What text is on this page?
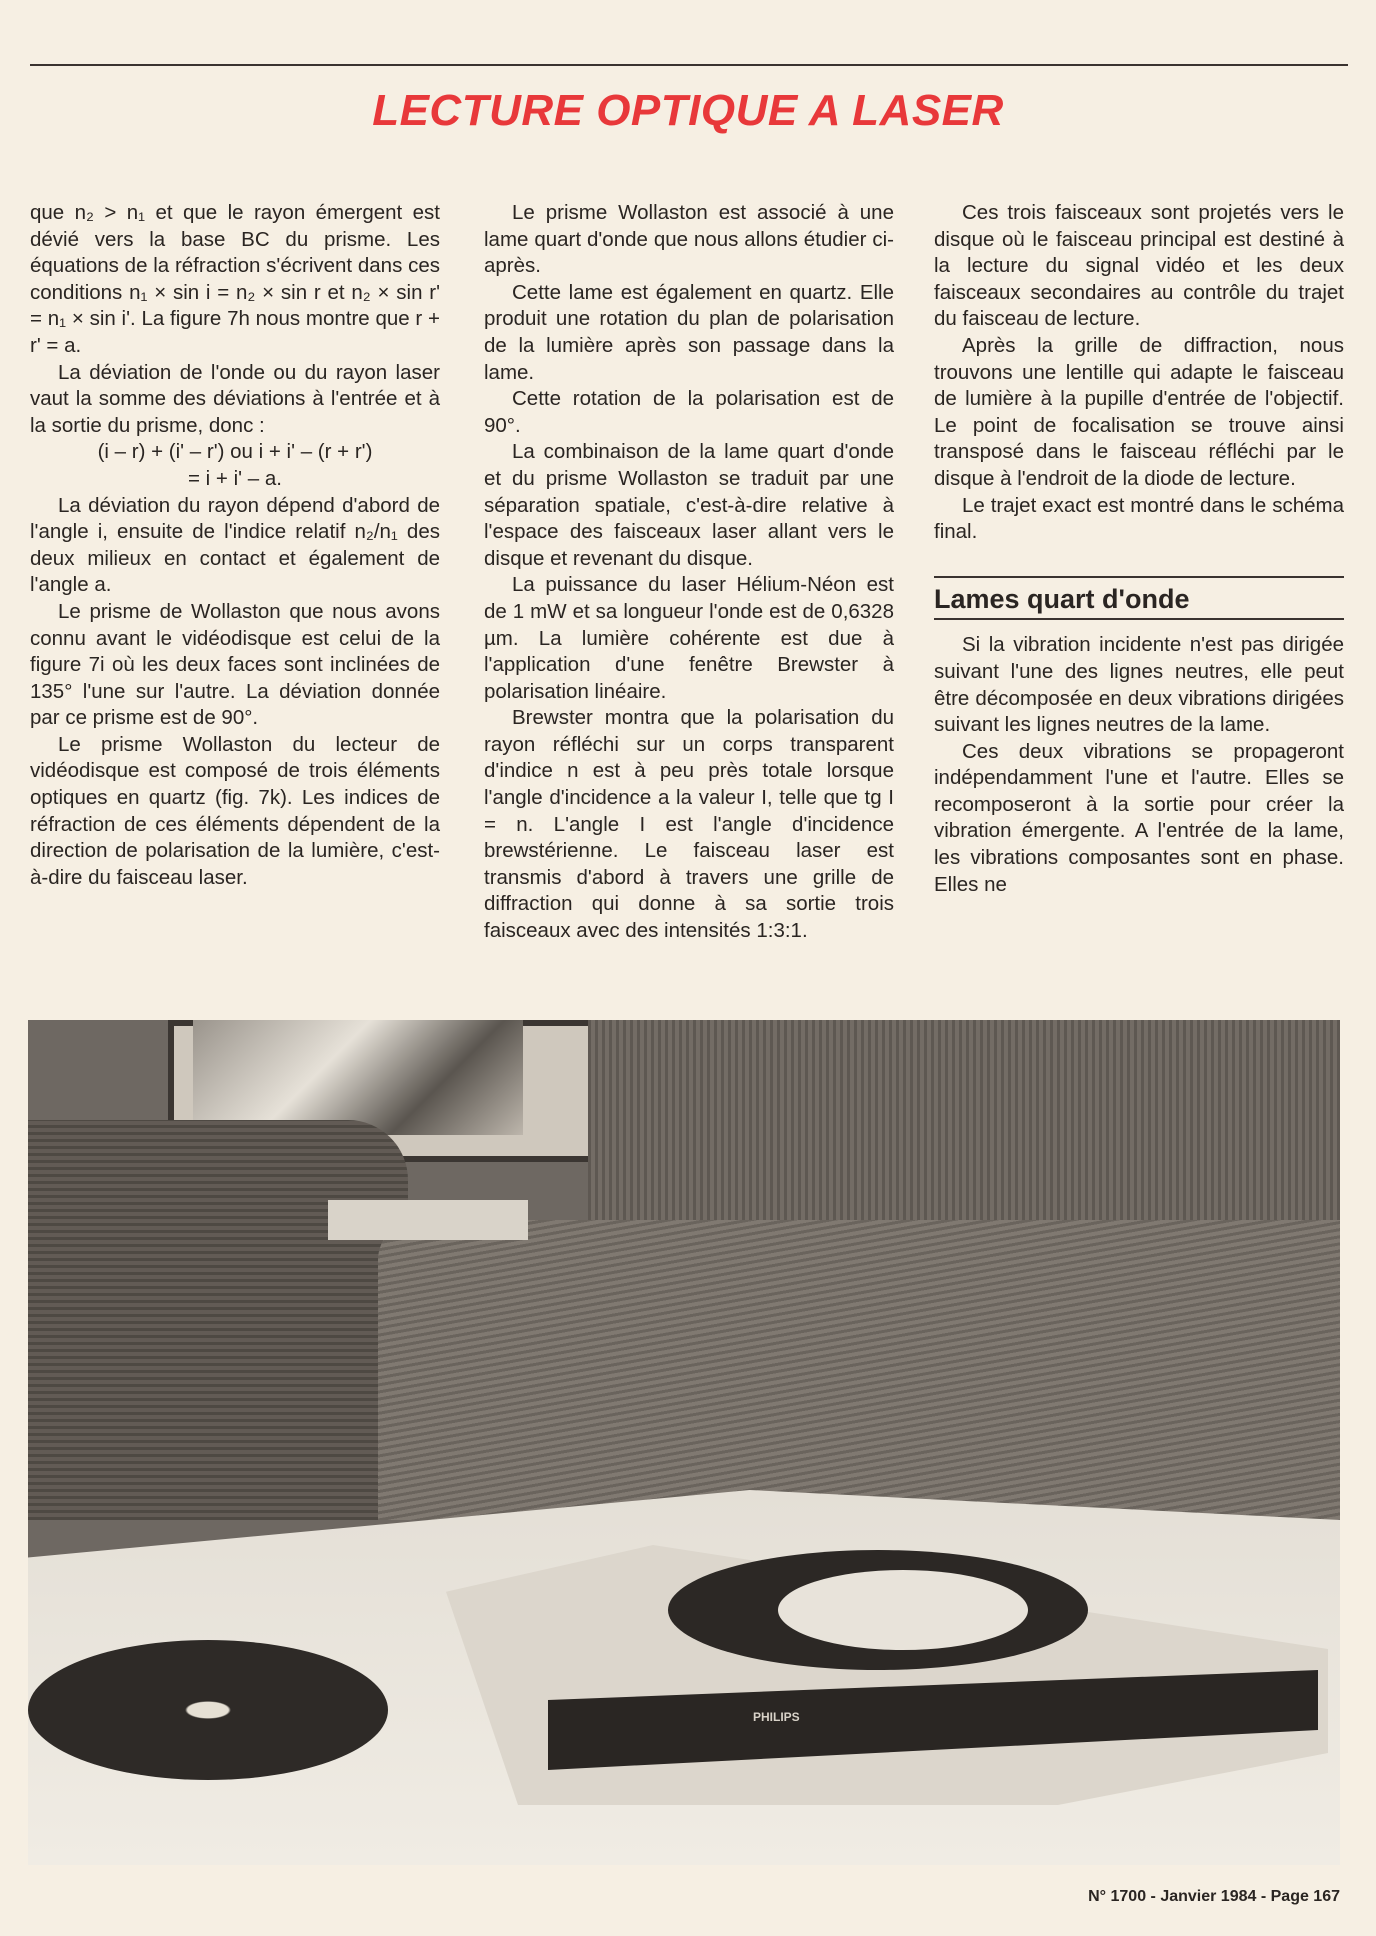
LECTURE OPTIQUE A LASER

que n₂ > n₁ et que le rayon émergent est dévié vers la base BC du prisme. Les équations de la réfraction s'écrivent dans ces conditions n₁ × sin i = n₂ × sin r et n₂ × sin r' = n₁ × sin i'. La figure 7h nous montre que r + r' = a.

La déviation de l'onde ou du rayon laser vaut la somme des déviations à l'entrée et à la sortie du prisme, donc :

(i – r) + (i' – r') ou i + i' – (r + r')

= i + i' – a.

La déviation du rayon dépend d'abord de l'angle i, ensuite de l'indice relatif n₂/n₁ des deux milieux en contact et également de l'angle a.

Le prisme de Wollaston que nous avons connu avant le vidéodisque est celui de la figure 7i où les deux faces sont inclinées de 135° l'une sur l'autre. La déviation donnée par ce prisme est de 90°.

Le prisme Wollaston du lecteur de vidéodisque est composé de trois éléments optiques en quartz (fig. 7k). Les indices de réfraction de ces éléments dépendent de la direction de polarisation de la lumière, c'est-à-dire du faisceau laser.

Le prisme Wollaston est associé à une lame quart d'onde que nous allons étudier ci-après.

Cette lame est également en quartz. Elle produit une rotation du plan de polarisation de la lumière après son passage dans la lame.

Cette rotation de la polarisation est de 90°.

La combinaison de la lame quart d'onde et du prisme Wollaston se traduit par une séparation spatiale, c'est-à-dire relative à l'espace des faisceaux laser allant vers le disque et revenant du disque.

La puissance du laser Hélium-Néon est de 1 mW et sa longueur l'onde est de 0,6328 µm. La lumière cohérente est due à l'application d'une fenêtre Brewster à polarisation linéaire.

Brewster montra que la polarisation du rayon réfléchi sur un corps transparent d'indice n est à peu près totale lorsque l'angle d'incidence a la valeur I, telle que tg I = n. L'angle I est l'angle d'incidence brewstérienne. Le faisceau laser est transmis d'abord à travers une grille de diffraction qui donne à sa sortie trois faisceaux avec des intensités 1:3:1.

Ces trois faisceaux sont projetés vers le disque où le faisceau principal est destiné à la lecture du signal vidéo et les deux faisceaux secondaires au contrôle du trajet du faisceau de lecture.

Après la grille de diffraction, nous trouvons une lentille qui adapte le faisceau de lumière à la pupille d'entrée de l'objectif. Le point de focalisation se trouve ainsi transposé dans le faisceau réfléchi par le disque à l'endroit de la diode de lecture.

Le trajet exact est montré dans le schéma final.

Lames quart d'onde

Si la vibration incidente n'est pas dirigée suivant l'une des lignes neutres, elle peut être décomposée en deux vibrations dirigées suivant les lignes neutres de la lame.

Ces deux vibrations se propageront indépendamment l'une et l'autre. Elles se recomposeront à la sortie pour créer la vibration émergente. A l'entrée de la lame, les vibrations composantes sont en phase. Elles ne

PHILIPS
N° 1700 - Janvier 1984 - Page 167
